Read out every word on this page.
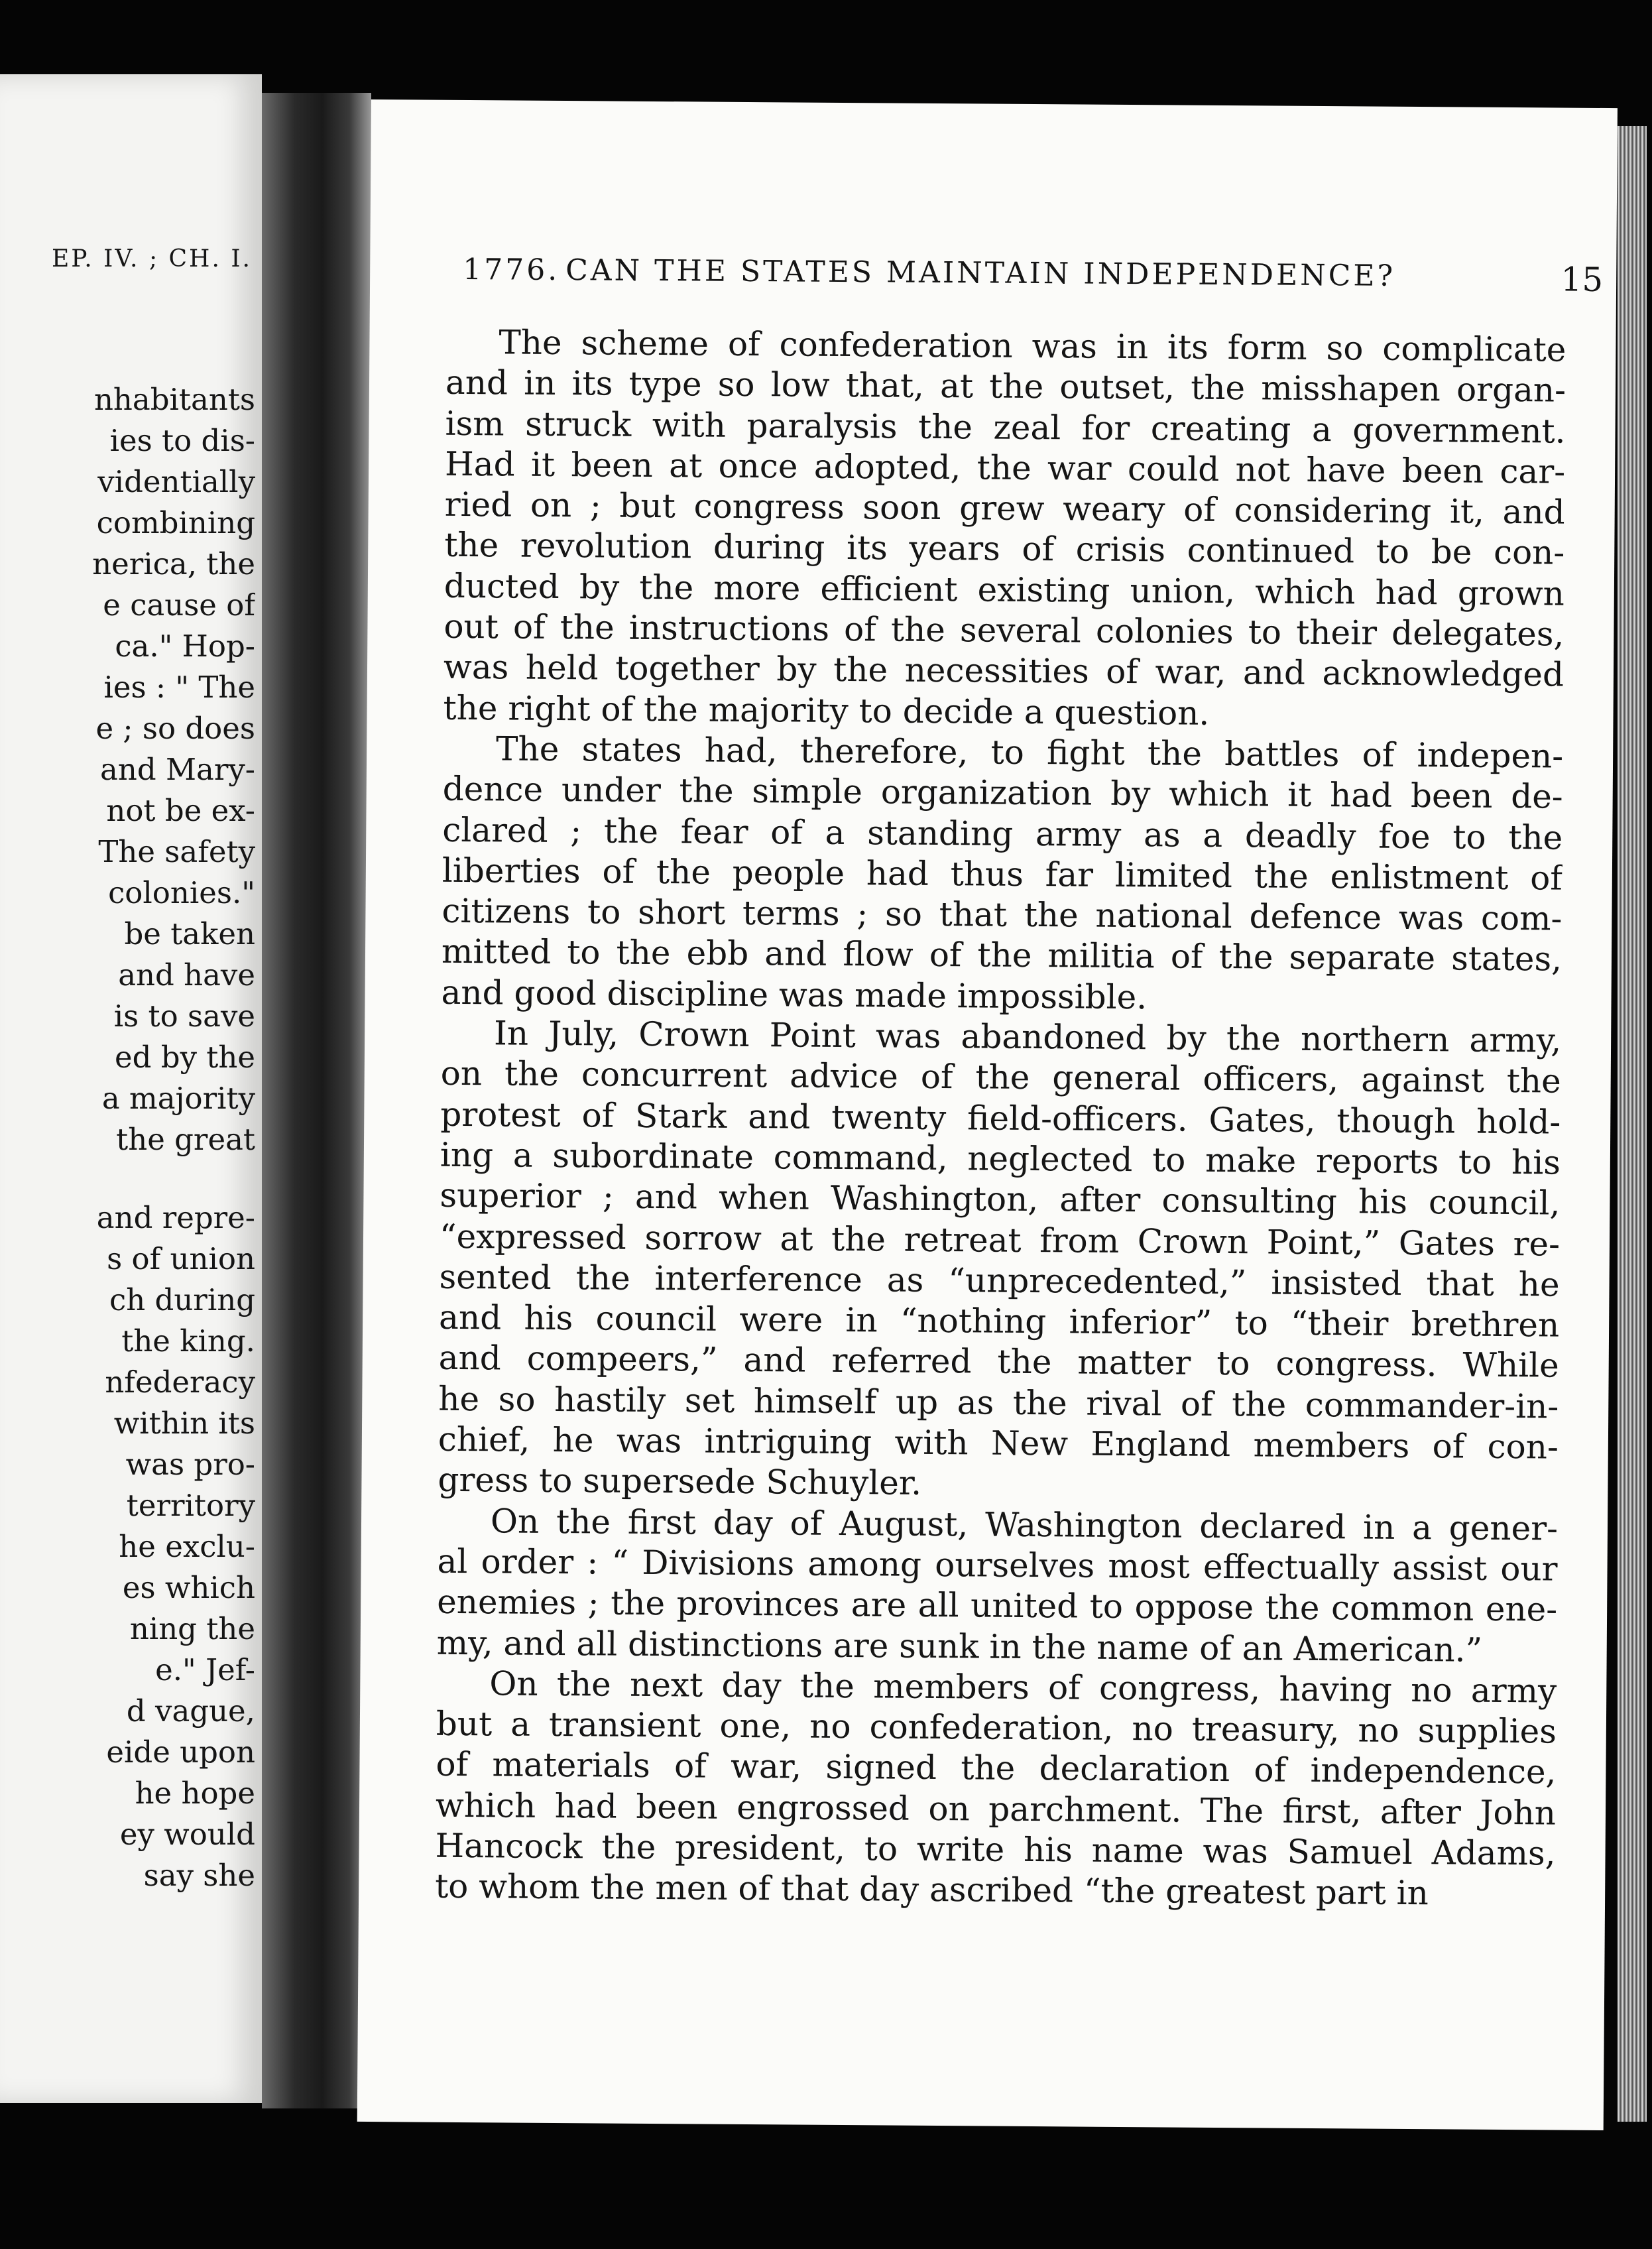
EP. IV. ; CH. I.
nhabitants
ies to dis-
videntially
combining
nerica, the
e cause of
ca." Hop-
ies : " The
e ; so does
and Mary-
not be ex-
The safety
colonies."
be taken
and have
is to save
ed by the
a majority
the great
and repre-
s of union
ch during
the king.
nfederacy
within its
was pro-
territory
he exclu-
es which
ning the
e." Jef-
d vague,
eide upon
he hope
ey would
say she
1776. CAN THE STATES MAINTAIN INDEPENDENCE?	15
The scheme of confederation was in its form so complicate
and in its type so low that, at the outset, the misshapen organ-
ism struck with paralysis the zeal for creating a government.
Had it been at once adopted, the war could not have been car-
ried on ; but congress soon grew weary of considering it, and
the revolution during its years of crisis continued to be con-
ducted by the more efficient existing union, which had grown
out of the instructions of the several colonies to their delegates,
was held together by the necessities of war, and acknowledged
the right of the majority to decide a question.
The states had, therefore, to fight the battles of indepen-
dence under the simple organization by which it had been de-
clared ; the fear of a standing army as a deadly foe to the
liberties of the people had thus far limited the enlistment of
citizens to short terms ; so that the national defence was com-
mitted to the ebb and flow of the militia of the separate states,
and good discipline was made impossible.
In July, Crown Point was abandoned by the northern army,
on the concurrent advice of the general officers, against the
protest of Stark and twenty field-officers. Gates, though hold-
ing a subordinate command, neglected to make reports to his
superior ; and when Washington, after consulting his council,
“expressed sorrow at the retreat from Crown Point,” Gates re-
sented the interference as “unprecedented,” insisted that he
and his council were in “nothing inferior” to “their brethren
and compeers,” and referred the matter to congress. While
he so hastily set himself up as the rival of the commander-in-
chief, he was intriguing with New England members of con-
gress to supersede Schuyler.
On the first day of August, Washington declared in a gener-
al order : “ Divisions among ourselves most effectually assist our
enemies ; the provinces are all united to oppose the common ene-
my, and all distinctions are sunk in the name of an American.”
On the next day the members of congress, having no army
but a transient one, no confederation, no treasury, no supplies
of materials of war, signed the declaration of independence,
which had been engrossed on parchment. The first, after John
Hancock the president, to write his name was Samuel Adams,
to whom the men of that day ascribed “the greatest part in
